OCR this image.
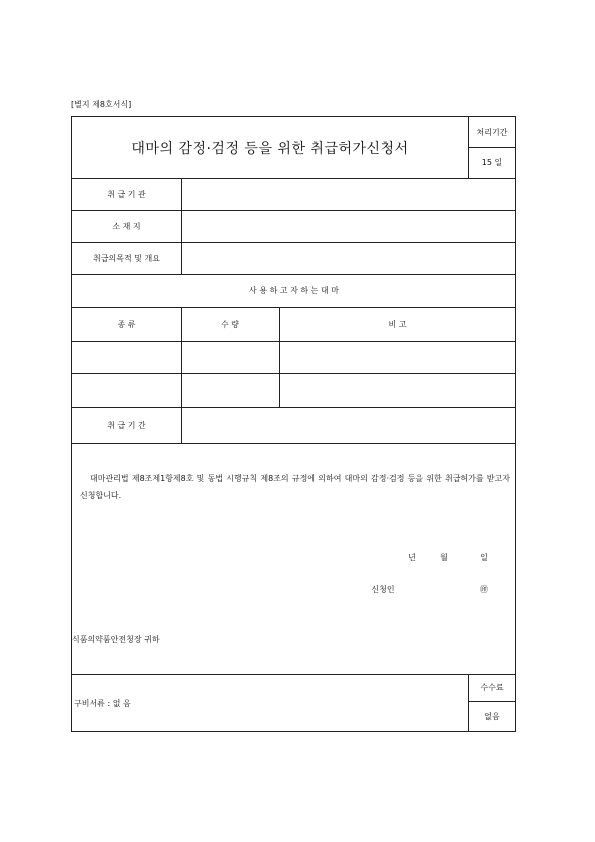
[별지 제8호서식]
대마의 감정·검정 등을 위한 취급허가신청서
처리기간
15 일
취 급 기 관
소 재 지
취급의목적 및 개요
사 용 하 고 자 하 는 대 마
종 류	수 량	비 고
취 급 기 간
대마관리법 제8조제1항제8호 및 동법 시행규칙 제8조의 규정에 의하여 대마의 감정·검정 등을 위한 취급허가를 받고자 신청합니다.
년	월	일
신청인	㊞
식품의약품안전청장 귀하
구비서류 : 없 음
수수료
없음
